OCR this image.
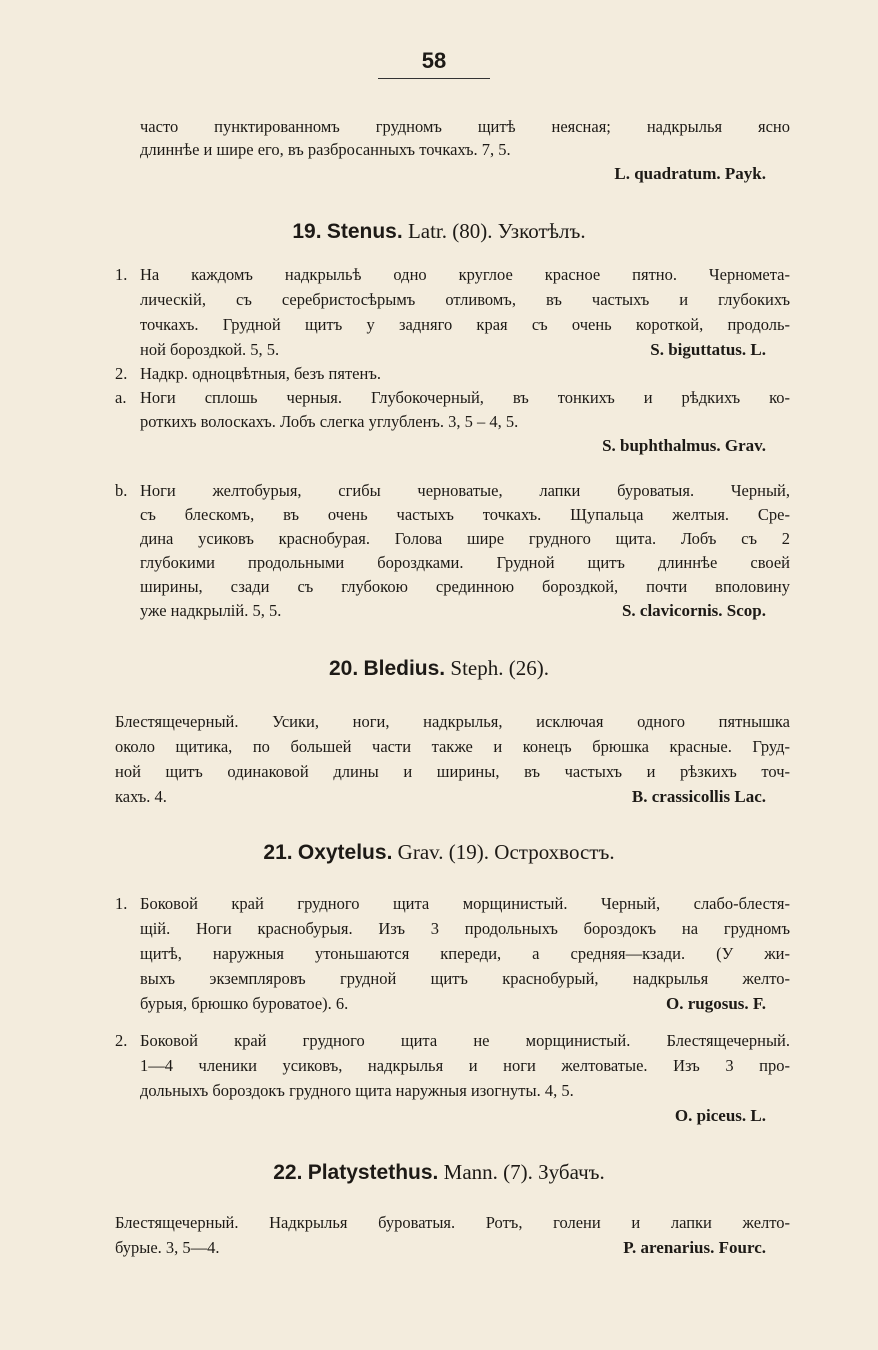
58
часто пунктированномъ грудномъ щитѣ неясная; надкрылья ясно
длиннѣе и шире его, въ разбросанныхъ точкахъ. 7, 5.
L. quadratum. Payk.
19. Stenus. Latr. (80). Узкотѣлъ.
1. На каждомъ надкрыльѣ одно круглое красное пятно. Черномета-
лическій, съ серебристосѣрымъ отливомъ, въ частыхъ и глубокихъ
точкахъ. Грудной щитъ у задняго края съ очень короткой, продоль-
ной бороздкой. 5, 5.	S. biguttatus. L.
2. Надкр. одноцвѣтныя, безъ пятенъ.
a. Ноги сплошь черныя. Глубокочерный, въ тонкихъ и рѣдкихъ ко-
роткихъ волоскахъ. Лобъ слегка углубленъ. 3, 5 – 4, 5.
S. buphthalmus. Grav.
b. Ноги желтобурыя, сгибы черноватые, лапки буроватыя. Черный,
съ блескомъ, въ очень частыхъ точкахъ. Щупальца желтыя. Сре-
дина усиковъ краснобурая. Голова шире грудного щита. Лобъ съ 2
глубокими продольными бороздками. Грудной щитъ длиннѣе своей
ширины, сзади съ глубокою срединною бороздкой, почти вполовину
уже надкрылій. 5, 5.	S. clavicornis. Scop.
20. Bledius. Steph. (26).
Блестящечерный. Усики, ноги, надкрылья, исключая одного пятнышка
около щитика, по большей части также и конецъ брюшка красные. Груд-
ной щитъ одинаковой длины и ширины, въ частыхъ и рѣзкихъ точ-
кахъ. 4.	B. crassicollis Lac.
21. Oxytelus. Grav. (19). Острохвостъ.
1. Боковой край грудного щита морщинистый. Черный, слабо-блестя-
щій. Ноги краснобурыя. Изъ 3 продольныхъ бороздокъ на грудномъ
щитѣ, наружныя утоньшаются кпереди, а средняя—кзади. (У жи-
выхъ экземпляровъ грудной щитъ краснобурый, надкрылья желто-
бурыя, брюшко буроватое). 6.	O. rugosus. F.
2. Боковой край грудного щита не морщинистый. Блестящечерный.
1—4 членики усиковъ, надкрылья и ноги желтоватые. Изъ 3 про-
дольныхъ бороздокъ грудного щита наружныя изогнуты. 4, 5.
O. piceus. L.
22. Platystethus. Mann. (7). Зубачъ.
Блестящечерный. Надкрылья буроватыя. Ротъ, голени и лапки желто-
бурые. 3, 5—4.	P. arenarius. Fourc.
